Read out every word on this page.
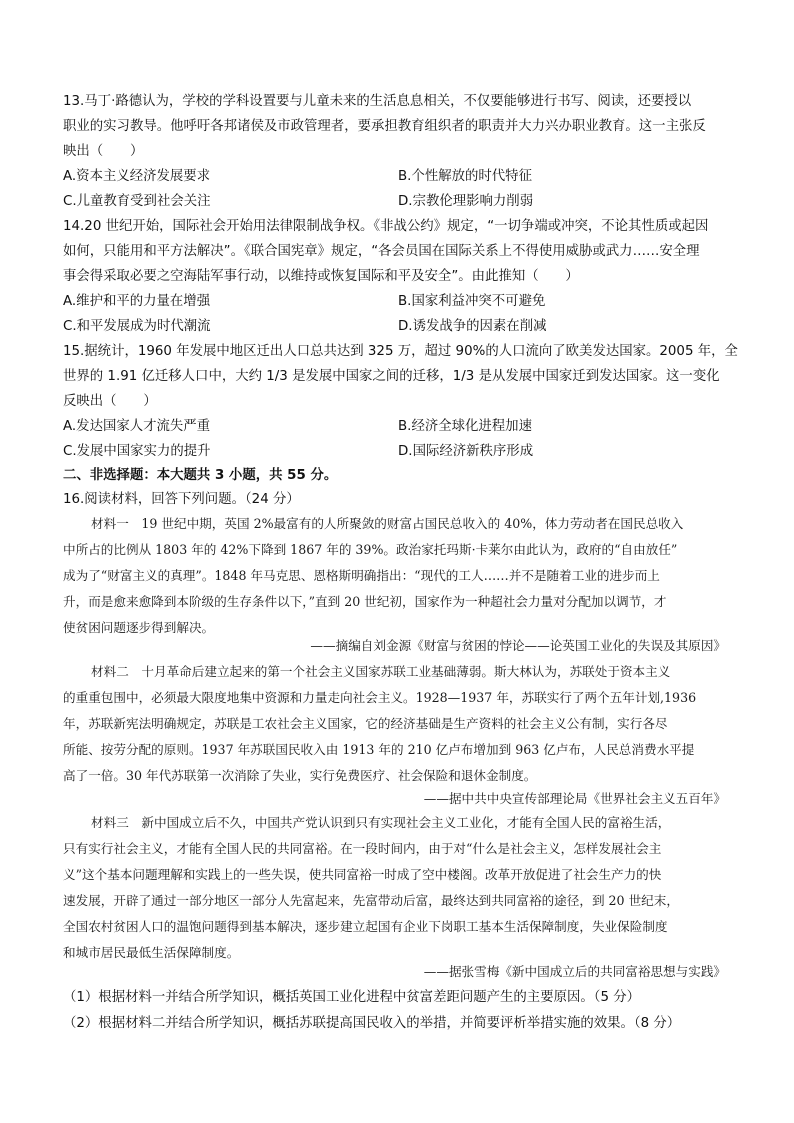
13.马丁·路德认为，学校的学科设置要与儿童未来的生活息息相关，不仅要能够进行书写、阅读，还要授以
职业的实习教导。他呼吁各邦诸侯及市政管理者，要承担教育组织者的职责并大力兴办职业教育。这一主张反
映出（　　）
A.资本主义经济发展要求	B.个性解放的时代特征
C.儿童教育受到社会关注	D.宗教伦理影响力削弱
14.20 世纪开始，国际社会开始用法律限制战争权。《非战公约》规定，“一切争端或冲突，不论其性质或起因
如何，只能用和平方法解决”。《联合国宪章》规定，“各会员国在国际关系上不得使用威胁或武力……安全理
事会得采取必要之空海陆军事行动，以维持或恢复国际和平及安全”。由此推知（　　）
A.维护和平的力量在增强	B.国家利益冲突不可避免
C.和平发展成为时代潮流	D.诱发战争的因素在削减
15.据统计，1960 年发展中地区迁出人口总共达到 325 万，超过 90%的人口流向了欧美发达国家。2005 年，全
世界的 1.91 亿迁移人口中，大约 1/3 是发展中国家之间的迁移，1/3 是从发展中国家迁到发达国家。这一变化
反映出（　　）
A.发达国家人才流失严重	B.经济全球化进程加速
C.发展中国家实力的提升	D.国际经济新秩序形成
二、非选择题：本大题共 3 小题，共 55 分。
16.阅读材料，回答下列问题。（24 分）
材料一　19 世纪中期，英国 2%最富有的人所聚敛的财富占国民总收入的 40%，体力劳动者在国民总收入
中所占的比例从 1803 年的 42%下降到 1867 年的 39%。政治家托玛斯·卡莱尔由此认为，政府的“自由放任”
成为了“财富主义的真理”。1848 年马克思、恩格斯明确指出：“现代的工人……并不是随着工业的进步而上
升，而是愈来愈降到本阶级的生存条件以下，”直到 20 世纪初，国家作为一种超社会力量对分配加以调节，才
使贫困问题逐步得到解决。
——摘编自刘金源《财富与贫困的悖论——论英国工业化的失误及其原因》
材料二　十月革命后建立起来的第一个社会主义国家苏联工业基础薄弱。斯大林认为，苏联处于资本主义
的重重包围中，必须最大限度地集中资源和力量走向社会主义。1928—1937 年，苏联实行了两个五年计划,1936
年，苏联新宪法明确规定，苏联是工农社会主义国家，它的经济基础是生产资料的社会主义公有制，实行各尽
所能、按劳分配的原则。1937 年苏联国民收入由 1913 年的 210 亿卢布增加到 963 亿卢布，人民总消费水平提
高了一倍。30 年代苏联第一次消除了失业，实行免费医疗、社会保险和退休金制度。
——据中共中央宣传部理论局《世界社会主义五百年》
材料三　新中国成立后不久，中国共产党认识到只有实现社会主义工业化，才能有全国人民的富裕生活，
只有实行社会主义，才能有全国人民的共同富裕。在一段时间内，由于对“什么是社会主义，怎样发展社会主
义”这个基本问题理解和实践上的一些失误，使共同富裕一时成了空中楼阁。改革开放促进了社会生产力的快
速发展，开辟了通过一部分地区一部分人先富起来，先富带动后富，最终达到共同富裕的途径，到 20 世纪末，
全国农村贫困人口的温饱问题得到基本解决，逐步建立起国有企业下岗职工基本生活保障制度，失业保险制度
和城市居民最低生活保障制度。
——据张雪梅《新中国成立后的共同富裕思想与实践》
（1）根据材料一并结合所学知识，概括英国工业化进程中贫富差距问题产生的主要原因。（5 分）
（2）根据材料二并结合所学知识，概括苏联提高国民收入的举措，并简要评析举措实施的效果。（8 分）
